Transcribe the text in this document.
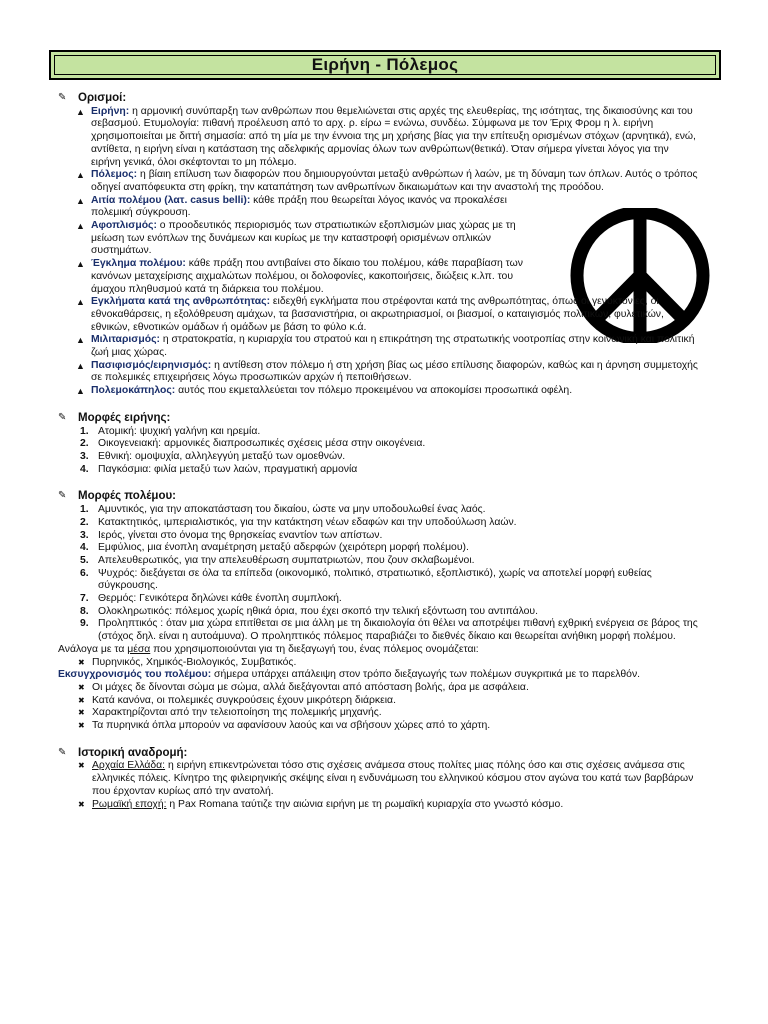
Ειρήνη - Πόλεμος
✎	Ορισμοί:
▲ Ειρήνη: η αρμονική συνύπαρξη των ανθρώπων που θεμελιώνεται στις αρχές της ελευθερίας, της ισότητας, της δικαιοσύνης και του σεβασμού. Ετυμολογία: πιθανή προέλευση από το αρχ. ρ. είρω = ενώνω, συνδέω. Σύμφωνα με τον Έριχ Φρομ η λ. ειρήνη χρησιμοποιείται με διττή σημασία: από τη μία με την έννοια της μη χρήσης βίας για την επίτευξη ορισμένων στόχων (αρνητικά), ενώ, αντίθετα, η ειρήνη είναι η κατάσταση της αδελφικής αρμονίας όλων των ανθρώπων(θετικά). Όταν σήμερα γίνεται λόγος για την ειρήνη γενικά, όλοι σκέφτονται το μη πόλεμο.
▲ Πόλεμος: η βίαιη επίλυση των διαφορών που δημιουργούνται μεταξύ ανθρώπων ή λαών, με τη δύναμη των όπλων. Αυτός ο τρόπος οδηγεί αναπόφευκτα στη φρίκη, την καταπάτηση των ανθρωπίνων δικαιωμάτων και την αναστολή της προόδου.
▲ Αιτία πολέμου (λατ. casus belli): κάθε πράξη που θεωρείται λόγος ικανός να προκαλέσει πολεμική σύγκρουση.
▲ Αφοπλισμός: ο προοδευτικός περιορισμός των στρατιωτικών εξοπλισμών μιας χώρας με τη μείωση των ενόπλων της δυνάμεων και κυρίως με την καταστροφή ορισμένων οπλικών συστημάτων.
▲ Έγκλημα πολέμου: κάθε πράξη που αντιβαίνει στο δίκαιο του πολέμου, κάθε παραβίαση των κανόνων μεταχείρισης αιχμαλώτων πολέμου, οι δολοφονίες, κακοποιήσεις, διώξεις κ.λπ. του άμαχου πληθυσμού κατά τη διάρκεια του πολέμου.
▲ Εγκλήματα κατά της ανθρωπότητας: ειδεχθή εγκλήματα που στρέφονται κατά της ανθρωπότητας, όπως οι γενοκτονίες, οι εθνοκαθάρσεις, η εξολόθρευση αμάχων, τα βασανιστήρια, οι ακρωτηριασμοί, οι βιασμοί, ο καταιγισμός πολιτικών, φυλετικών, εθνικών, εθνοτικών ομάδων ή ομάδων με βάση το φύλο κ.ά.
▲ Μιλιταρισμός: η στρατοκρατία, η κυριαρχία του στρατού και η επικράτηση της στρατωτικής νοοτροπίας στην κοινωνική και πολιτική ζωή μιας χώρας.
▲ Πασιφισμός/ειρηνισμός: η αντίθεση στον πόλεμο ή στη χρήση βίας ως μέσο επίλυσης διαφορών, καθώς και η άρνηση συμμετοχής σε πολεμικές επιχειρήσεις λόγω προσωπικών αρχών ή πεποιθήσεων.
▲ Πολεμοκάπηλος: αυτός που εκμεταλλεύεται τον πόλεμο προκειμένου να αποκομίσει προσωπικά οφέλη.
✎	Μορφές ειρήνης:
1. Ατομική: ψυχική γαλήνη και ηρεμία.
2. Οικογενειακή: αρμονικές διαπροσωπικές σχέσεις μέσα στην οικογένεια.
3. Εθνική: ομοψυχία, αλληλεγγύη μεταξύ των ομοεθνών.
4. Παγκόσμια: φιλία μεταξύ των λαών, πραγματική αρμονία
✎	Μορφές πολέμου:
1. Αμυντικός, για την αποκατάσταση του δικαίου, ώστε να μην υποδουλωθεί ένας λαός.
2. Κατακτητικός, ιμπεριαλιστικός, για την κατάκτηση νέων εδαφών και την υποδούλωση λαών.
3. Ιερός, γίνεται στο όνομα της θρησκείας εναντίον των απίστων.
4. Εμφύλιος, μια ένοπλη αναμέτρηση μεταξύ αδερφών (χειρότερη μορφή πολέμου).
5. Απελευθερωτικός, για την απελευθέρωση συμπατριωτών, που ζουν σκλαβωμένοι.
6. Ψυχρός: διεξάγεται σε όλα τα επίπεδα (οικονομικό, πολιτικό, στρατιωτικό, εξοπλιστικό), χωρίς να αποτελεί μορφή ευθείας σύγκρουσης.
7. Θερμός: Γενικότερα δηλώνει κάθε ένοπλη συμπλοκή.
8. Ολοκληρωτικός: πόλεμος χωρίς ηθικά όρια, που έχει σκοπό την τελική εξόντωση του αντιπάλου.
9. Προληπτικός : όταν μια χώρα επιτίθεται σε μια άλλη με τη δικαιολογία ότι θέλει να αποτρέψει πιθανή εχθρική ενέργεια σε βάρος της (στόχος δηλ. είναι η αυτοάμυνα). Ο προληπτικός πόλεμος παραβιάζει το διεθνές δίκαιο και θεωρείται ανήθικη μορφή πολέμου.
Ανάλογα με τα μέσα που χρησιμοποιούνται για τη διεξαγωγή του, ένας πόλεμος ονομάζεται:
✖ Πυρηνικός, Χημικός-Βιολογικός, Συμβατικός.
Εκσυγχρονισμός του πολέμου: σήμερα υπάρχει απάλειψη στον τρόπο διεξαγωγής των πολέμων συγκριτικά με το παρελθόν.
✖ Οι μάχες δε δίνονται σώμα με σώμα, αλλά διεξάγονται από απόσταση βολής, άρα με ασφάλεια.
✖ Κατά κανόνα, οι πολεμικές συγκρούσεις έχουν μικρότερη διάρκεια.
✖ Χαρακτηρίζονται από την τελειοποίηση της πολεμικής μηχανής.
✖ Τα πυρηνικά όπλα μπορούν να αφανίσουν λαούς και να σβήσουν χώρες από το χάρτη.
✎	Ιστορική αναδρομή:
✖ Αρχαία Ελλάδα: η ειρήνη επικεντρώνεται τόσο στις σχέσεις ανάμεσα στους πολίτες μιας πόλης όσο και στις σχέσεις ανάμεσα στις ελληνικές πόλεις. Κίνητρο της φιλειρηνικής σκέψης είναι η ενδυνάμωση του ελληνικού κόσμου στον αγώνα του κατά των βαρβάρων που έρχονταν κυρίως από την ανατολή.
✖ Ρωμαϊκή εποχή: η Pax Romana ταύτιζε την αιώνια ειρήνη με τη ρωμαϊκή κυριαρχία στο γνωστό κόσμο.
